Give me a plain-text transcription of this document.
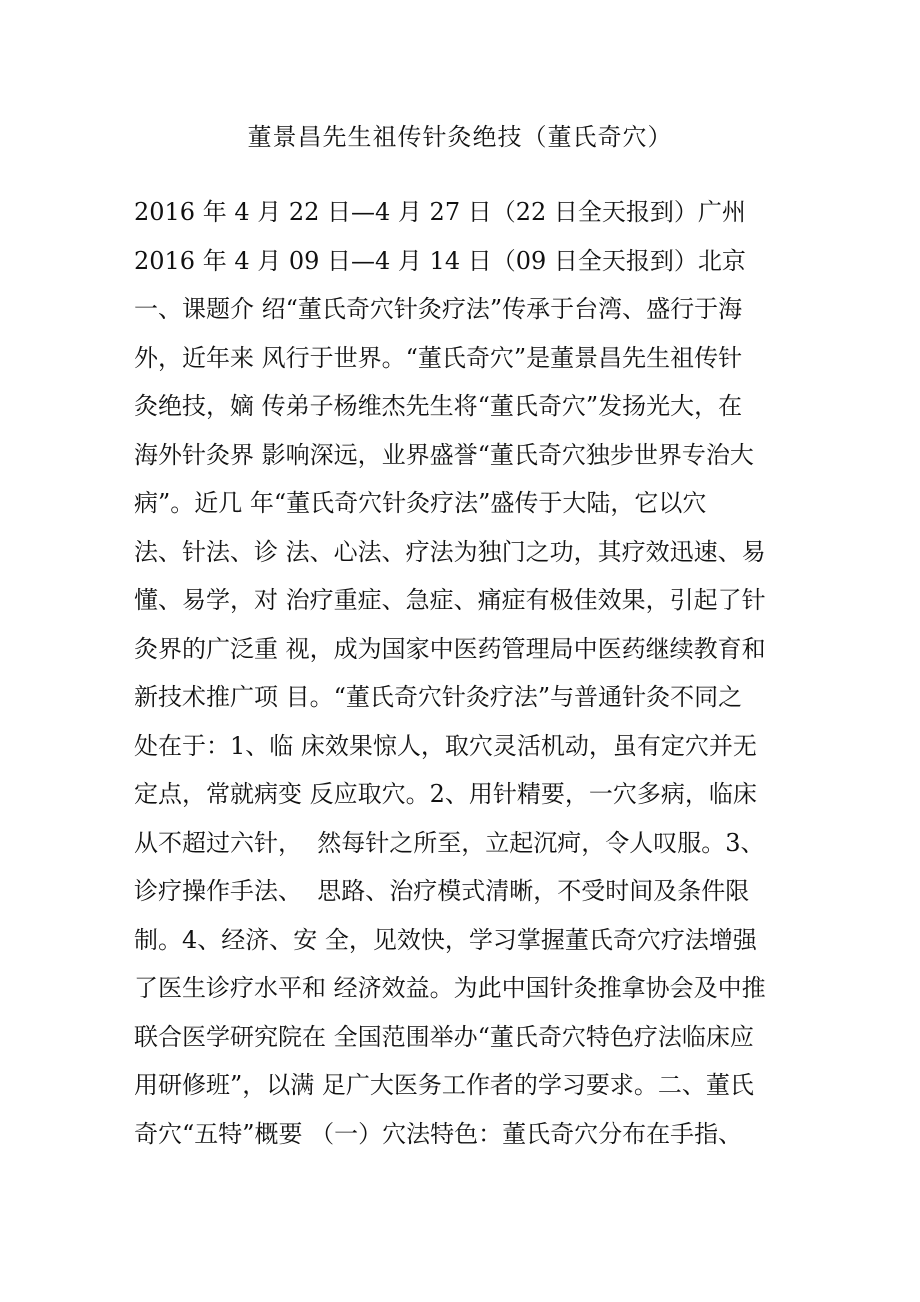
董景昌先生祖传针灸绝技（董氏奇穴）
2016 年 4 月 22 日—4 月 27 日（22 日全天报到）广州
2016 年 4 月 09 日—4 月 14 日（09 日全天报到）北京
一、课题介 绍“董氏奇穴针灸疗法”传承于台湾、盛行于海
外，近年来 风行于世界。“董氏奇穴”是董景昌先生祖传针
灸绝技，嫡 传弟子杨维杰先生将“董氏奇穴”发扬光大，在
海外针灸界 影响深远，业界盛誉“董氏奇穴独步世界专治大
病”。近几 年“董氏奇穴针灸疗法”盛传于大陆，它以穴
法、针法、诊 法、心法、疗法为独门之功，其疗效迅速、易
懂、易学，对 治疗重症、急症、痛症有极佳效果，引起了针
灸界的广泛重 视，成为国家中医药管理局中医药继续教育和
新技术推广项 目。“董氏奇穴针灸疗法”与普通针灸不同之
处在于：1、临 床效果惊人，取穴灵活机动，虽有定穴并无
定点，常就病变 反应取穴。2、用针精要，一穴多病，临床
从不超过六针，  然每针之所至，立起沉疴，令人叹服。3、
诊疗操作手法、  思路、治疗模式清晰，不受时间及条件限
制。4、经济、安 全，见效快，学习掌握董氏奇穴疗法增强
了医生诊疗水平和 经济效益。为此中国针灸推拿协会及中推
联合医学研究院在 全国范围举办“董氏奇穴特色疗法临床应
用研修班”，以满 足广大医务工作者的学习要求。二、董氏
奇穴“五特”概要 （一）穴法特色：董氏奇穴分布在手指、
